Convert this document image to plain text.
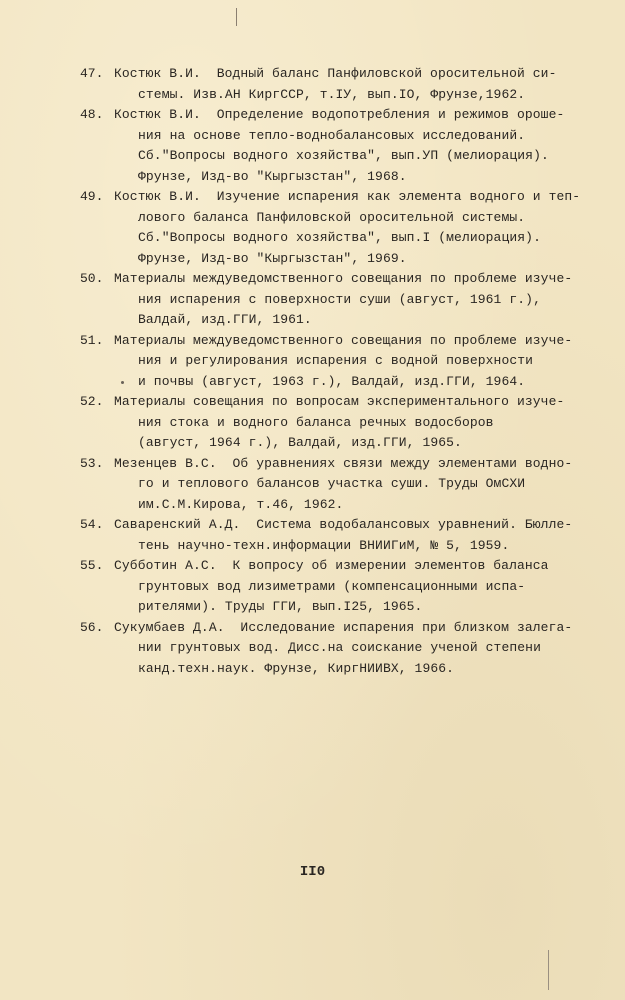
47. Костюк В.И.  Водный баланс Панфиловской оросительной си-
стемы. Изв.АН КиргССР, т.IУ, вып.IO, Фрунзе,1962.
48. Костюк В.И.  Определение водопотребления и режимов ороше-
ния на основе тепло-воднобалансовых исследований.
Сб."Вопросы водного хозяйства", вып.УП (мелиорация).
Фрунзе, Изд-во "Кыргызстан", 1968.
49. Костюк В.И.  Изучение испарения как элемента водного и теп-
лового баланса Панфиловской оросительной системы.
Сб."Вопросы водного хозяйства", вып.I (мелиорация).
Фрунзе, Изд-во "Кыргызстан", 1969.
50. Материалы междуведомственного совещания по проблеме изуче-
ния испарения с поверхности суши (август, 1961 г.),
Валдай, изд.ГГИ, 1961.
51. Материалы междуведомственного совещания по проблеме изуче-
ния и регулирования испарения с водной поверхности
и почвы (август, 1963 г.), Валдай, изд.ГГИ, 1964.
52. Материалы совещания по вопросам экспериментального изуче-
ния стока и водного баланса речных водосборов
(август, 1964 г.), Валдай, изд.ГГИ, 1965.
53. Мезенцев В.С.  Об уравнениях связи между элементами водно-
го и теплового балансов участка суши. Труды ОмСХИ
им.С.М.Кирова, т.46, 1962.
54. Саваренский А.Д.  Система водобалансовых уравнений. Бюлле-
тень научно-техн.информации ВНИИГиМ, № 5, 1959.
55. Субботин А.С.  К вопросу об измерении элементов баланса
грунтовых вод лизиметрами (компенсационными испа-
рителями). Труды ГГИ, вып.I25, 1965.
56. Сукумбаев Д.А.  Исследование испарения при близком залега-
нии грунтовых вод. Дисс.на соискание ученой степени
канд.техн.наук. Фрунзе, КиргНИИВХ, 1966.
II0
